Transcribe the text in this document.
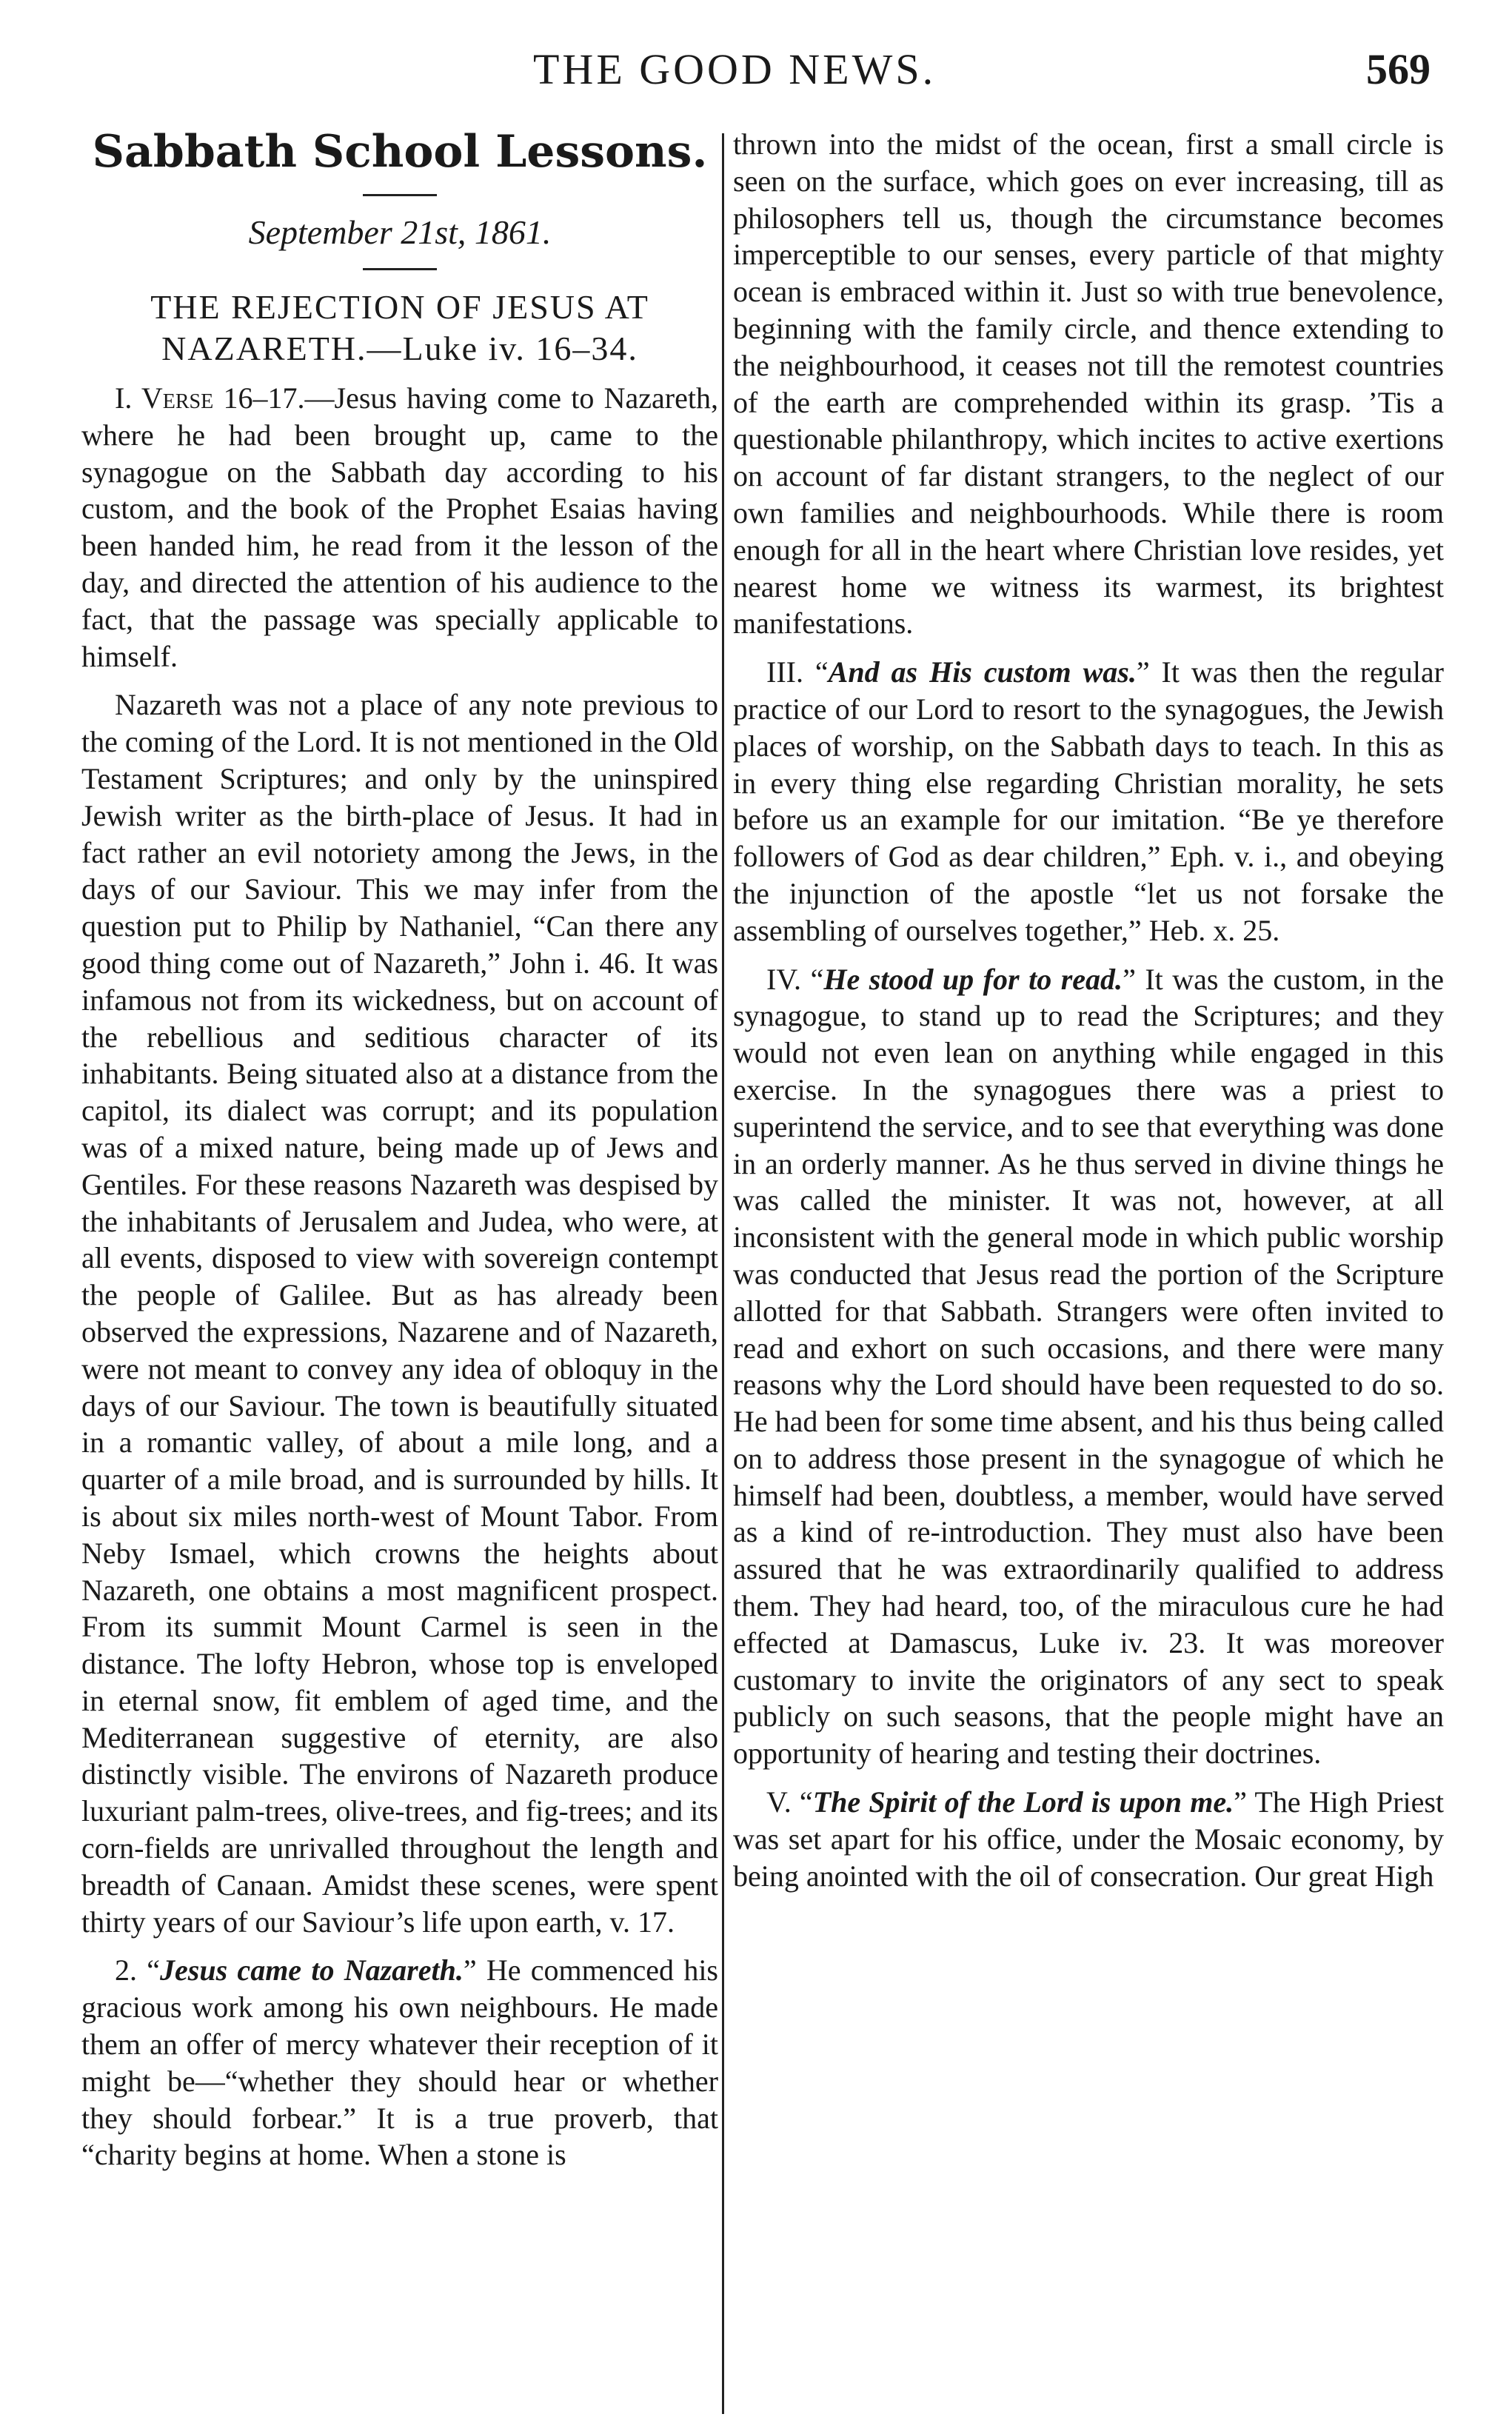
THE GOOD NEWS.	569
Sabbath School Lessons.

September 21st, 1861.

THE REJECTION OF JESUS AT
NAZARETH.—Luke iv. 16–34.

I. Verse 16–17.—Jesus having come to Nazareth, where he had been brought up, came to the synagogue on the Sabbath day according to his custom, and the book of the Prophet Esaias having been handed him, he read from it the lesson of the day, and directed the attention of his audience to the fact, that the passage was specially applicable to himself.

Nazareth was not a place of any note previous to the coming of the Lord. It is not mentioned in the Old Testament Scriptures; and only by the uninspired Jewish writer as the birth-place of Jesus. It had in fact rather an evil notoriety among the Jews, in the days of our Saviour. This we may infer from the question put to Philip by Nathaniel, “Can there any good thing come out of Nazareth,” John i. 46. It was infamous not from its wickedness, but on account of the rebellious and seditious character of its inhabitants. Being situated also at a distance from the capitol, its dialect was corrupt; and its population was of a mixed nature, being made up of Jews and Gentiles. For these reasons Nazareth was despised by the inhabitants of Jerusalem and Judea, who were, at all events, disposed to view with sovereign contempt the people of Galilee. But as has already been observed the expressions, Nazarene and of Nazareth, were not meant to convey any idea of obloquy in the days of our Saviour. The town is beautifully situated in a romantic valley, of about a mile long, and a quarter of a mile broad, and is surrounded by hills. It is about six miles north-west of Mount Tabor. From Neby Ismael, which crowns the heights about Nazareth, one obtains a most magnificent prospect. From its summit Mount Carmel is seen in the distance. The lofty Hebron, whose top is enveloped in eternal snow, fit emblem of aged time, and the Mediterranean suggestive of eternity, are also distinctly visible. The environs of Nazareth produce luxuriant palm-trees, olive-trees, and fig-trees; and its corn-fields are unrivalled throughout the length and breadth of Canaan. Amidst these scenes, were spent thirty years of our Saviour’s life upon earth, v. 17.

2. “Jesus came to Nazareth.” He commenced his gracious work among his own neighbours. He made them an offer of mercy whatever their reception of it might be—“whether they should hear or whether they should forbear.” It is a true proverb, that “charity begins at home. When a stone is

thrown into the midst of the ocean, first a small circle is seen on the surface, which goes on ever increasing, till as philosophers tell us, though the circumstance becomes imperceptible to our senses, every particle of that mighty ocean is embraced within it. Just so with true benevolence, beginning with the family circle, and thence extending to the neighbourhood, it ceases not till the remotest countries of the earth are comprehended within its grasp. ’Tis a questionable philanthropy, which incites to active exertions on account of far distant strangers, to the neglect of our own families and neighbourhoods. While there is room enough for all in the heart where Christian love resides, yet nearest home we witness its warmest, its brightest manifestations.

III. “And as His custom was.” It was then the regular practice of our Lord to resort to the synagogues, the Jewish places of worship, on the Sabbath days to teach. In this as in every thing else regarding Christian morality, he sets before us an example for our imitation. “Be ye therefore followers of God as dear children,” Eph. v. i., and obeying the injunction of the apostle “let us not forsake the assembling of ourselves together,” Heb. x. 25.

IV. “He stood up for to read.” It was the custom, in the synagogue, to stand up to read the Scriptures; and they would not even lean on anything while engaged in this exercise. In the synagogues there was a priest to superintend the service, and to see that everything was done in an orderly manner. As he thus served in divine things he was called the minister. It was not, however, at all inconsistent with the general mode in which public worship was conducted that Jesus read the portion of the Scripture allotted for that Sabbath. Strangers were often invited to read and exhort on such occasions, and there were many reasons why the Lord should have been requested to do so. He had been for some time absent, and his thus being called on to address those present in the synagogue of which he himself had been, doubtless, a member, would have served as a kind of re-introduction. They must also have been assured that he was extraordinarily qualified to address them. They had heard, too, of the miraculous cure he had effected at Damascus, Luke iv. 23. It was moreover customary to invite the originators of any sect to speak publicly on such seasons, that the people might have an opportunity of hearing and testing their doctrines.

V. “The Spirit of the Lord is upon me.” The High Priest was set apart for his office, under the Mosaic economy, by being anointed with the oil of consecration. Our great High
